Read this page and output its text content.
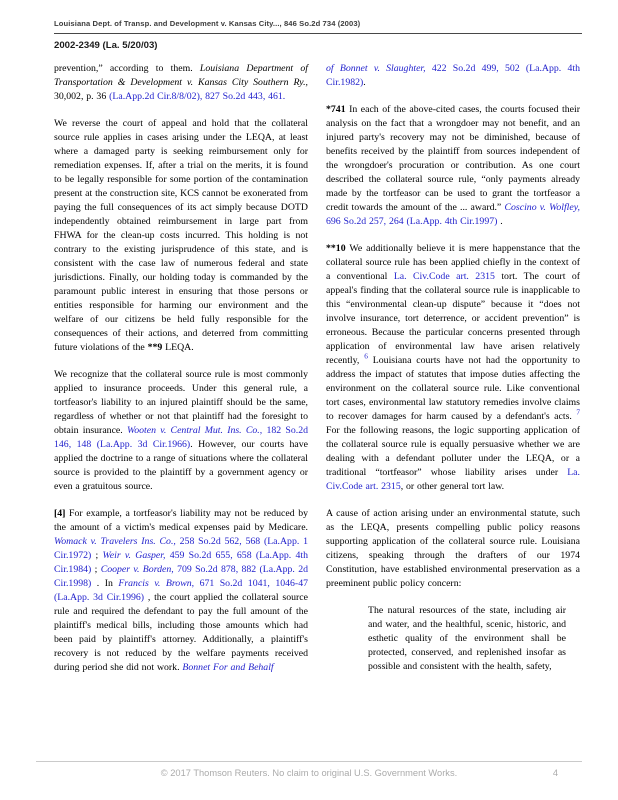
Louisiana Dept. of Transp. and Development v. Kansas City..., 846 So.2d 734 (2003)
2002-2349 (La. 5/20/03)
prevention,” according to them. Louisiana Department of Transportation & Development v. Kansas City Southern Ry., 30,002, p. 36 (La.App.2d Cir.8/8/02), 827 So.2d 443, 461.
We reverse the court of appeal and hold that the collateral source rule applies in cases arising under the LEQA, at least where a damaged party is seeking reimbursement only for remediation expenses. If, after a trial on the merits, it is found to be legally responsible for some portion of the contamination present at the construction site, KCS cannot be exonerated from paying the full consequences of its act simply because DOTD independently obtained reimbursement in large part from FHWA for the clean-up costs incurred. This holding is not contrary to the existing jurisprudence of this state, and is consistent with the case law of numerous federal and state jurisdictions. Finally, our holding today is commanded by the paramount public interest in ensuring that those persons or entities responsible for harming our environment and the welfare of our citizens be held fully responsible for the consequences of their actions, and deterred from committing future violations of the **9 LEQA.
We recognize that the collateral source rule is most commonly applied to insurance proceeds. Under this general rule, a tortfeasor's liability to an injured plaintiff should be the same, regardless of whether or not that plaintiff had the foresight to obtain insurance. Wooten v. Central Mut. Ins. Co., 182 So.2d 146, 148 (La.App. 3d Cir.1966). However, our courts have applied the doctrine to a range of situations where the collateral source is provided to the plaintiff by a government agency or even a gratuitous source.
[4] For example, a tortfeasor's liability may not be reduced by the amount of a victim's medical expenses paid by Medicare. Womack v. Travelers Ins. Co., 258 So.2d 562, 568 (La.App. 1 Cir.1972) ; Weir v. Gasper, 459 So.2d 655, 658 (La.App. 4th Cir.1984) ; Cooper v. Borden, 709 So.2d 878, 882 (La.App. 2d Cir.1998) . In Francis v. Brown, 671 So.2d 1041, 1046-47 (La.App. 3d Cir.1996) , the court applied the collateral source rule and required the defendant to pay the full amount of the plaintiff's medical bills, including those amounts which had been paid by plaintiff's attorney. Additionally, a plaintiff's recovery is not reduced by the welfare payments received during period she did not work. Bonnet For and Behalf
of Bonnet v. Slaughter, 422 So.2d 499, 502 (La.App. 4th Cir.1982).
*741 In each of the above-cited cases, the courts focused their analysis on the fact that a wrongdoer may not benefit, and an injured party's recovery may not be diminished, because of benefits received by the plaintiff from sources independent of the wrongdoer's procuration or contribution. As one court described the collateral source rule, “only payments already made by the tortfeasor can be used to grant the tortfeasor a credit towards the amount of the ... award.” Coscino v. Wolfley, 696 So.2d 257, 264 (La.App. 4th Cir.1997) .
**10 We additionally believe it is mere happenstance that the collateral source rule has been applied chiefly in the context of a conventional La. Civ.Code art. 2315 tort. The court of appeal's finding that the collateral source rule is inapplicable to this “environmental clean-up dispute” because it “does not involve insurance, tort deterrence, or accident prevention” is erroneous. Because the particular concerns presented through application of environmental law have arisen relatively recently, $^6$ Louisiana courts have not had the opportunity to address the impact of statutes that impose duties affecting the environment on the collateral source rule. Like conventional tort cases, environmental law statutory remedies involve claims to recover damages for harm caused by a defendant's acts. $^7$ For the following reasons, the logic supporting application of the collateral source rule is equally persuasive whether we are dealing with a defendant polluter under the LEQA, or a traditional “tortfeasor” whose liability arises under La. Civ.Code art. 2315, or other general tort law.
A cause of action arising under an environmental statute, such as the LEQA, presents compelling public policy reasons supporting application of the collateral source rule. Louisiana citizens, speaking through the drafters of our 1974 Constitution, have established environmental preservation as a preeminent public policy concern:
The natural resources of the state, including air and water, and the healthful, scenic, historic, and esthetic quality of the environment shall be protected, conserved, and replenished insofar as possible and consistent with the health, safety,
© 2017 Thomson Reuters. No claim to original U.S. Government Works.	4
